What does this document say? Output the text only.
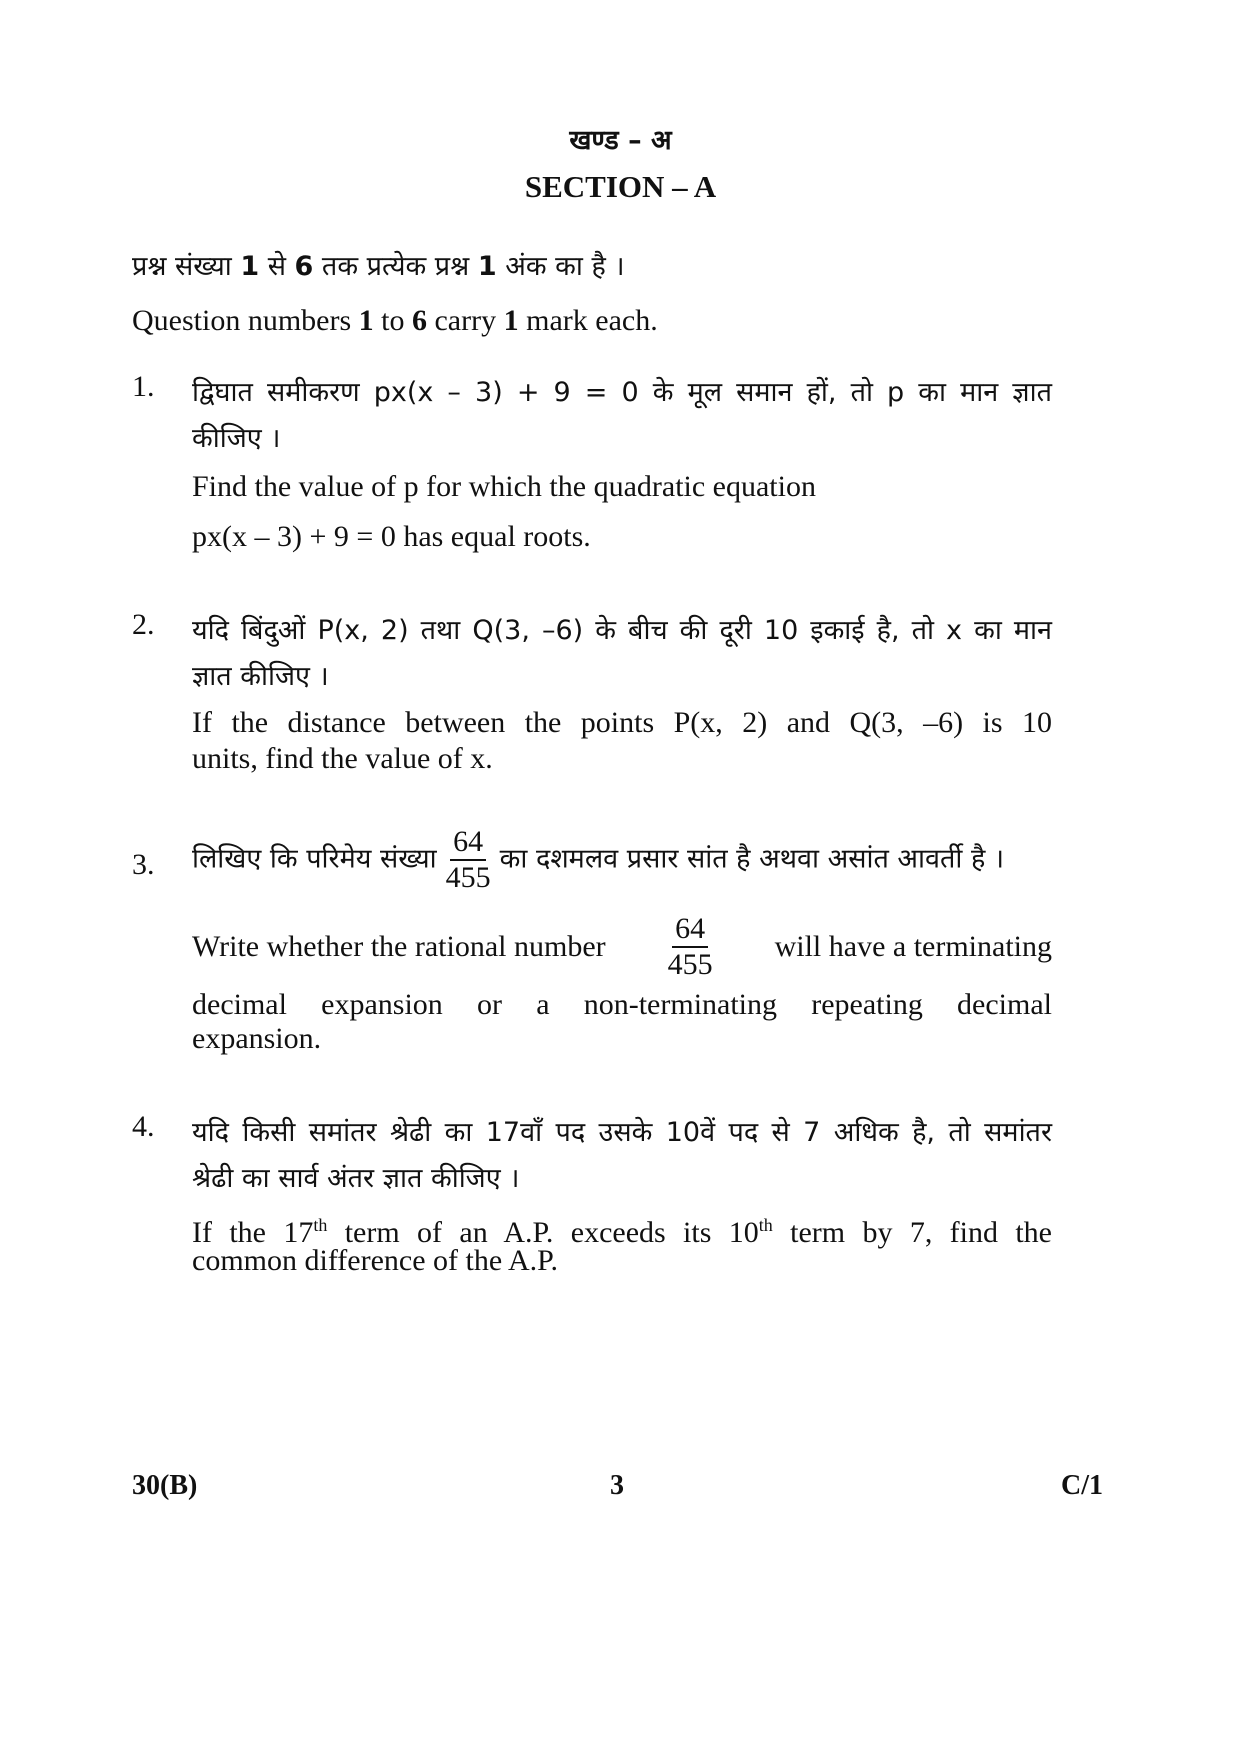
खण्ड – अ
SECTION – A
प्रश्न संख्या 1 से 6 तक प्रत्येक प्रश्न 1 अंक का है ।
Question numbers 1 to 6 carry 1 mark each.
1. द्विघात समीकरण px(x – 3) + 9 = 0 के मूल समान हों, तो p का मान ज्ञात
कीजिए ।
Find the value of p for which the quadratic equation
px(x – 3) + 9 = 0 has equal roots.
2. यदि बिंदुओं P(x, 2) तथा Q(3, –6) के बीच की दूरी 10 इकाई है, तो x का मान
ज्ञात कीजिए ।
If the distance between the points P(x, 2) and Q(3, –6) is 10
units, find the value of x.
3. लिखिए कि परिमेय संख्या $\frac{64}{455}$ का दशमलव प्रसार सांत है अथवा असांत आवर्ती है ।
Write whether the rational number $\frac{64}{455}$ will have a terminating
decimal expansion or a non-terminating repeating decimal
expansion.
4. यदि किसी समांतर श्रेढी का 17वाँ पद उसके 10वें पद से 7 अधिक है, तो समांतर
श्रेढी का सार्व अंतर ज्ञात कीजिए ।
If the 17th term of an A.P. exceeds its 10th term by 7, find the
common difference of the A.P.
30(B)	3	C/1
